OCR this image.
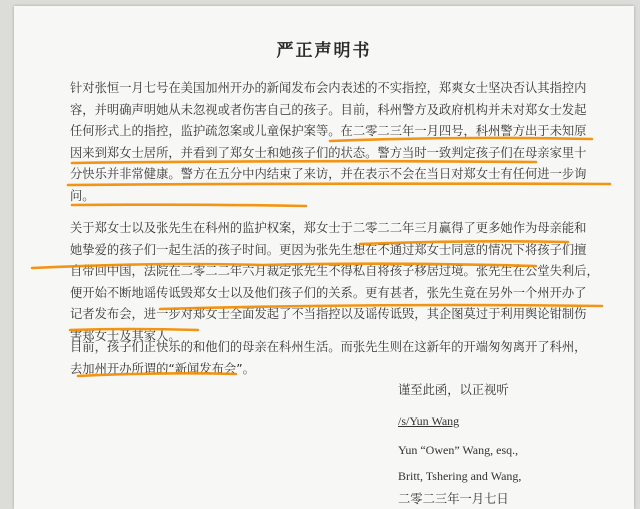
严正声明书
针对张恒一月七号在美国加州开办的新闻发布会内表述的不实指控，郑爽女士坚决否认其指控内
容，并明确声明她从未忽视或者伤害自己的孩子。目前，科州警方及政府机构并未对郑女士发起
任何形式上的指控，监护疏忽案或儿童保护案等。在二零二三年一月四号，科州警方出于未知原
因来到郑女士居所，并看到了郑女士和她孩子们的状态。警方当时一致判定孩子们在母亲家里十
分快乐并非常健康。警方在五分中内结束了来访，并在表示不会在当日对郑女士有任何进一步询
问。
关于郑女士以及张先生在科州的监护权案，郑女士于二零二二年三月赢得了更多她作为母亲能和
她挚爱的孩子们一起生活的孩子时间。更因为张先生想在不通过郑女士同意的情况下将孩子们擅
自带回中国，法院在二零二二年六月裁定张先生不得私自将孩子移居过境。张先生在公堂失利后，
便开始不断地谣传诋毁郑女士以及他们孩子们的关系。更有甚者，张先生竟在另外一个州开办了
记者发布会，进一步对郑女士全面发起了不当指控以及谣传诋毁，其企图莫过于利用舆论钳制伤
害郑女士及其家人。
目前，孩子们正快乐的和他们的母亲在科州生活。而张先生则在这新年的开端匆匆离开了科州，
去加州开办所谓的“新闻发布会”。
谨至此函，以正视听
/s/Yun Wang
Yun “Owen” Wang, esq.,
Britt, Tshering and Wang,
二零二三年一月七日
